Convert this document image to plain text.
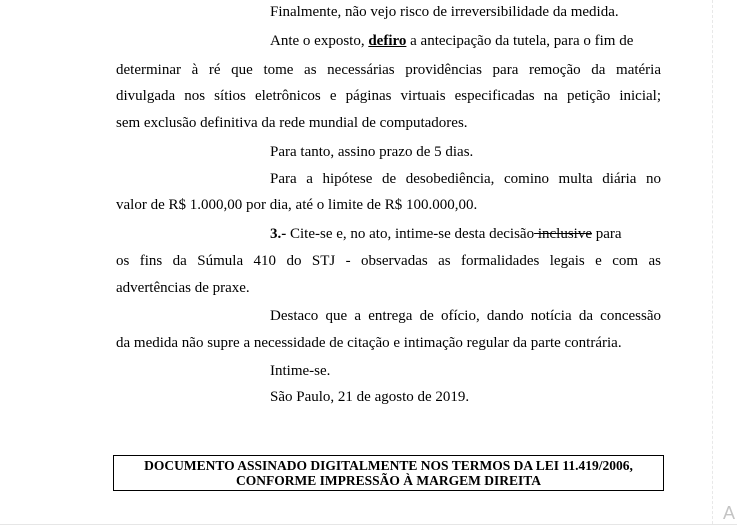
Finalmente, não vejo risco de irreversibilidade da medida.
Ante o exposto, defiro a antecipação da tutela, para o fim de
determinar à ré que tome as necessárias providências para remoção da matéria
divulgada nos sítios eletrônicos e páginas virtuais especificadas na petição inicial;
sem exclusão definitiva da rede mundial de computadores.
Para tanto, assino prazo de 5 dias.
Para a hipótese de desobediência, comino multa diária no
valor de R$ 1.000,00 por dia, até o limite de R$ 100.000,00.
3.- Cite-se e, no ato, intime-se desta decisão inclusive para
os fins da Súmula 410 do STJ - observadas as formalidades legais e com as
advertências de praxe.
Destaco que a entrega de ofício, dando notícia da concessão
da medida não supre a necessidade de citação e intimação regular da parte contrária.
Intime-se.
São Paulo, 21 de agosto de 2019.
DOCUMENTO ASSINADO DIGITALMENTE NOS TERMOS DA LEI 11.419/2006,
CONFORME IMPRESSÃO À MARGEM DIREITA
A
